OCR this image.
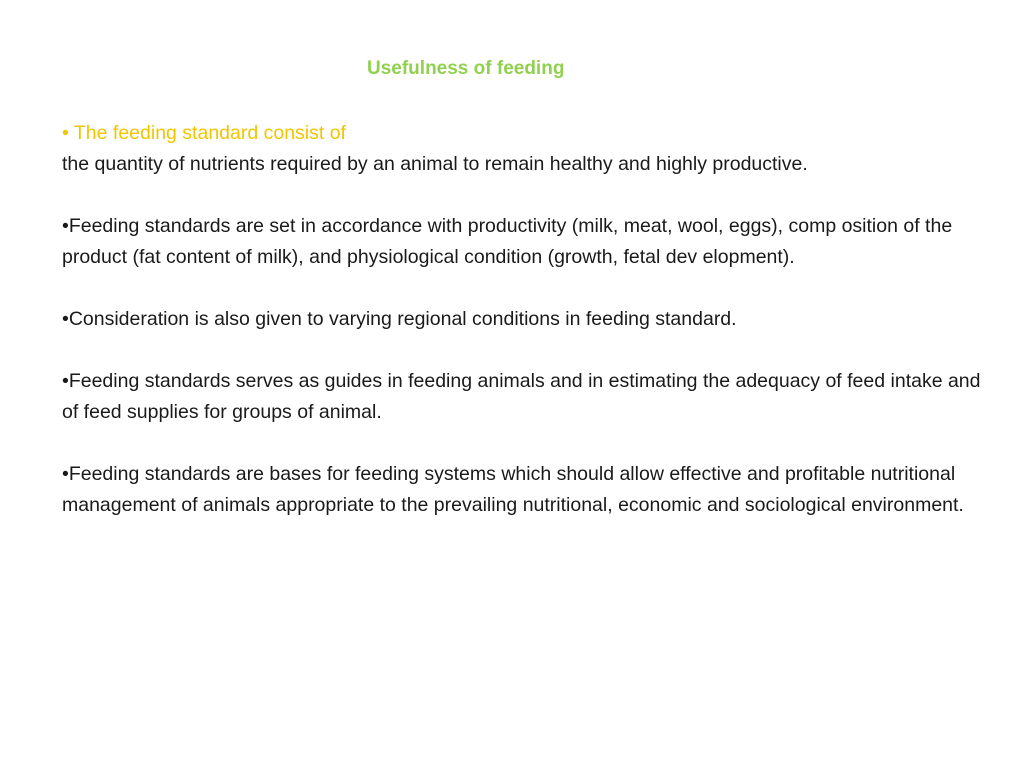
Usefulness of feeding
• The feeding standard consist of
the quantity of nutrients required by an animal to remain healthy and highly productive.
•Feeding standards are set in accordance with productivity (milk, meat, wool, eggs), comp osition of the product (fat content of milk), and physiological condition (growth, fetal dev elopment).
•Consideration is also given to varying regional conditions in feeding standard.
•Feeding standards serves as guides in feeding animals and in estimating the adequacy of feed intake and of feed supplies for groups of animal.
•Feeding standards are bases for feeding systems which should allow effective and profitable nutritional management of animals appropriate to the prevailing nutritional, economic and sociological environment.
